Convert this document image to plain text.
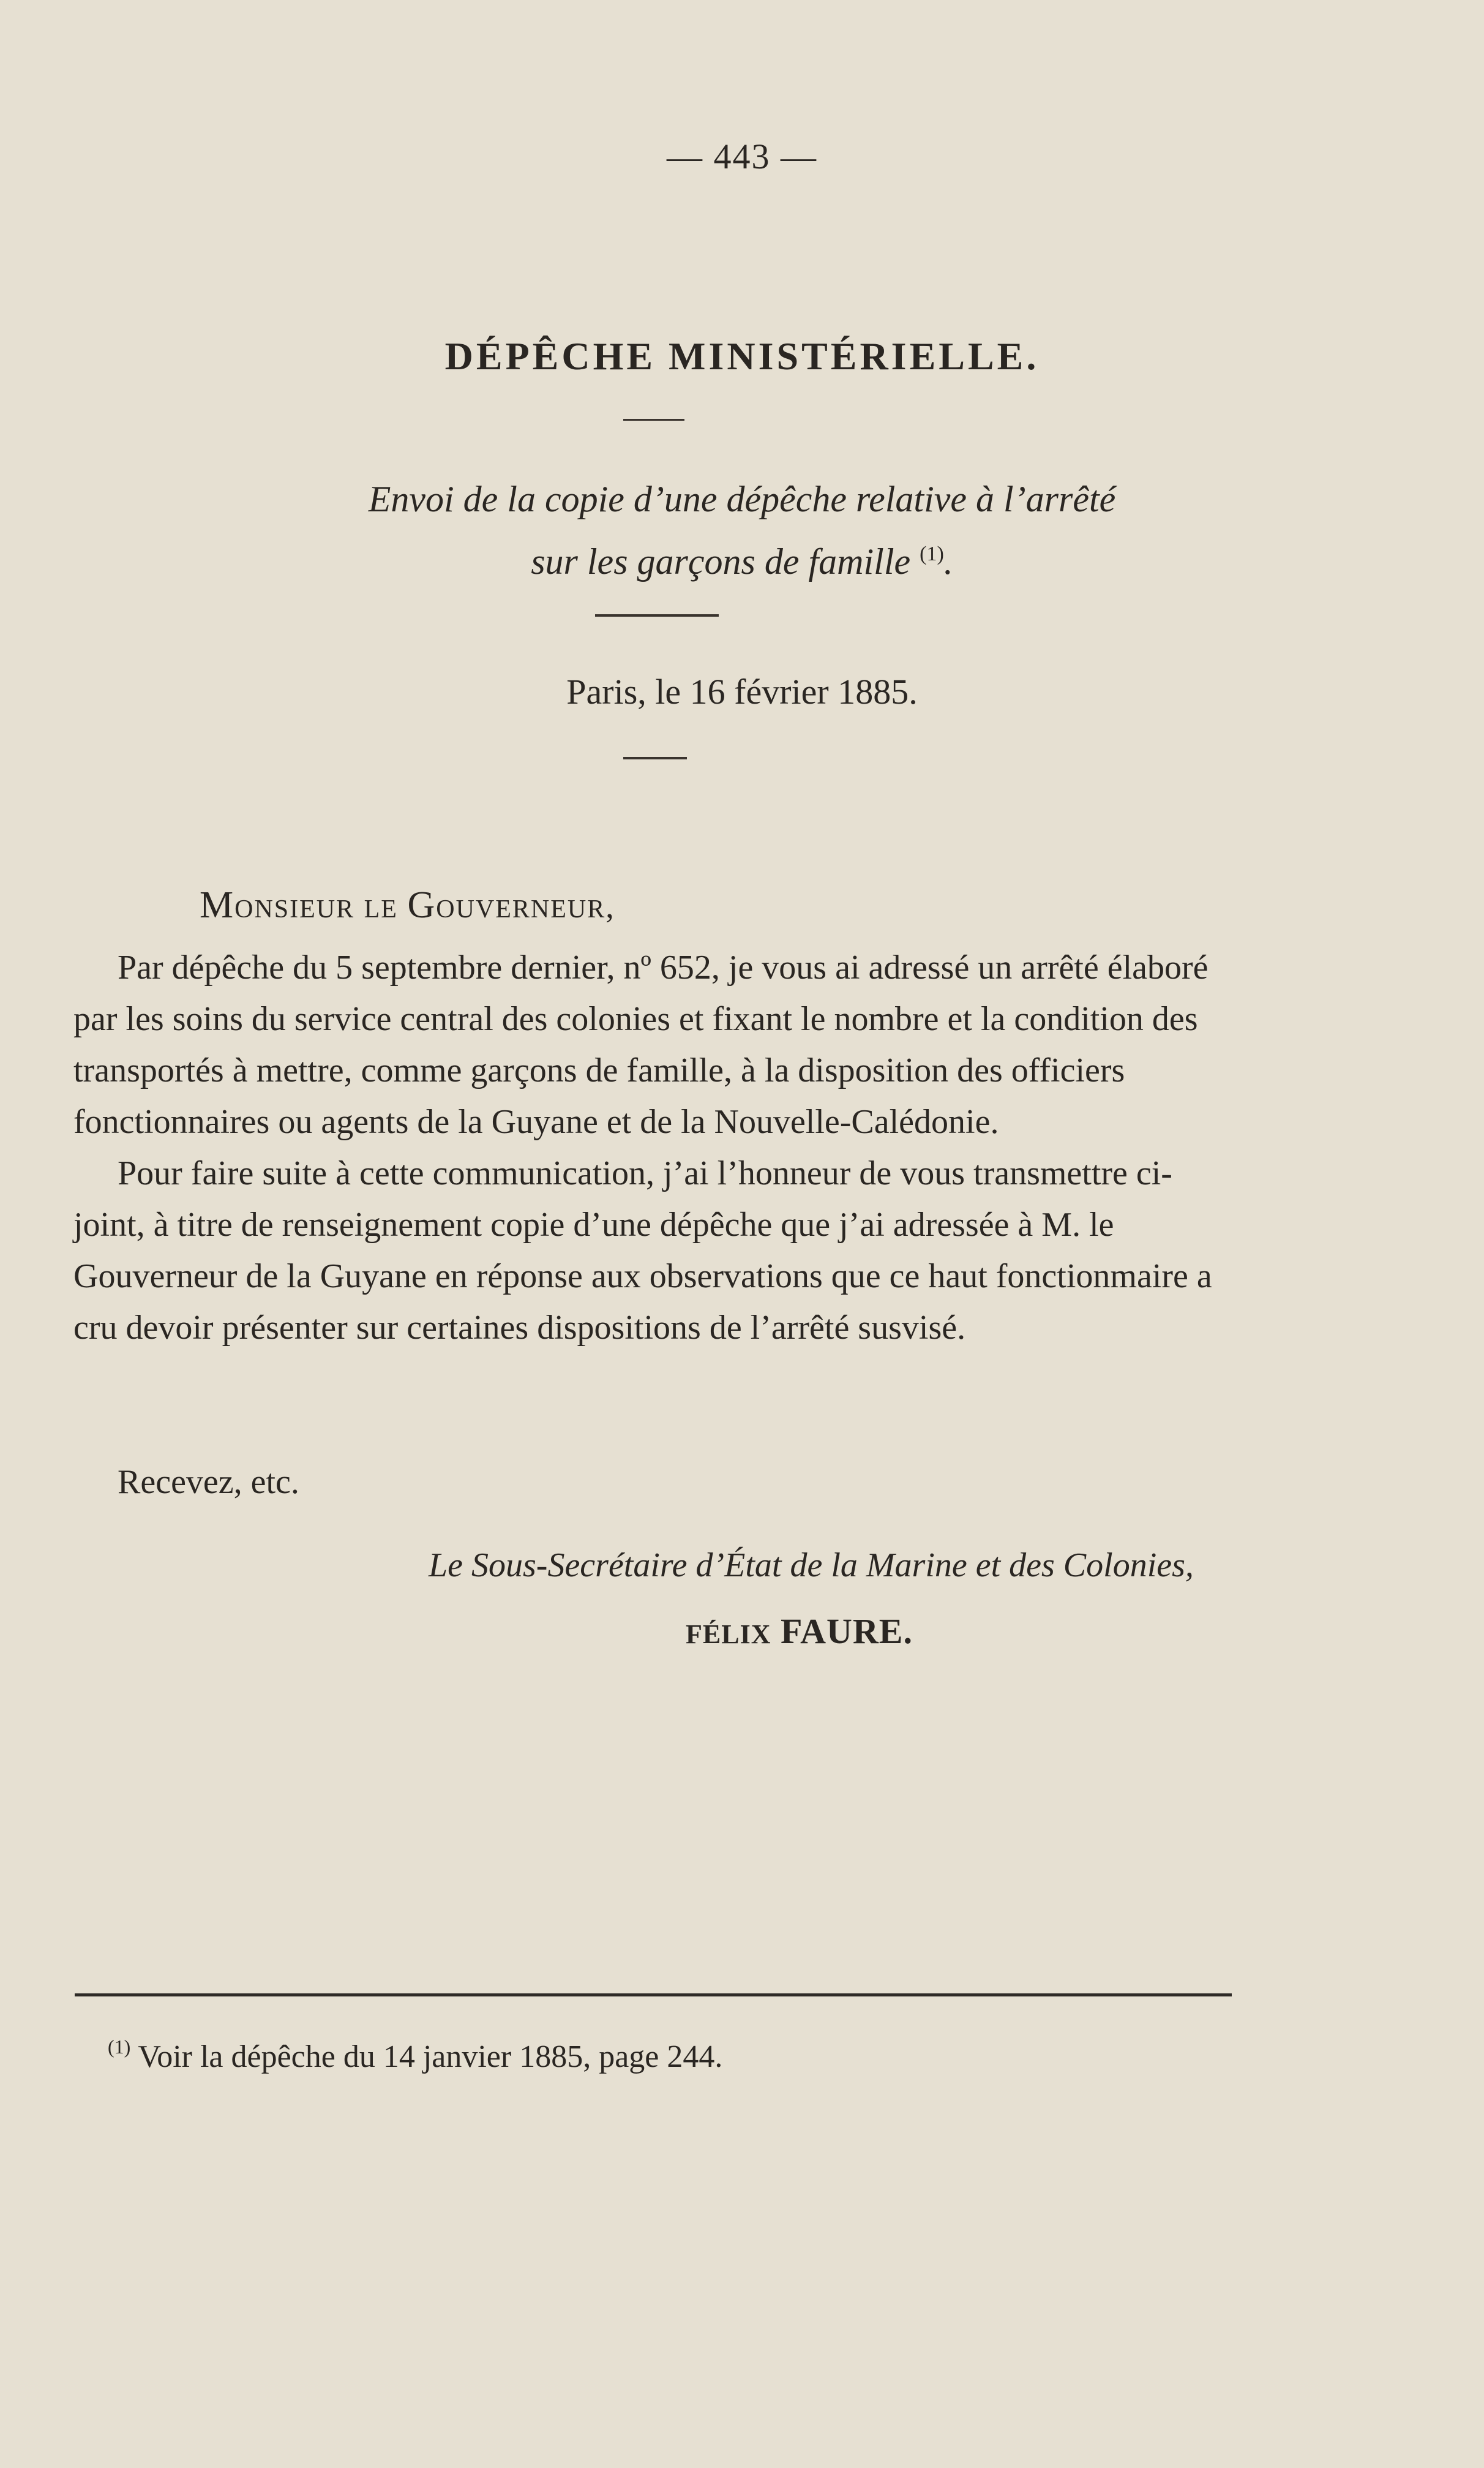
— 443 —
DÉPÊCHE MINISTÉRIELLE.
Envoi de la copie d’une dépêche relative à l’arrêté
sur les garçons de famille $^{(1)}$.
Paris, le 16 février 1885.
MONSIEUR LE GOUVERNEUR,

Par dépêche du 5 septembre dernier, nº 652, je vous ai adressé un arrêté élaboré par les soins du service central des colonies et fixant le nombre et la condition des transportés à mettre, comme garçons de famille, à la disposition des officiers fonctionnaires ou agents de la Guyane et de la Nouvelle-Calédonie.

Pour faire suite à cette communication, j’ai l’honneur de vous transmettre ci-joint, à titre de renseignement copie d’une dépêche que j’ai adressée à M. le Gouverneur de la Guyane en réponse aux observations que ce haut fonctionmaire a cru devoir présenter sur certaines dispositions de l’arrêté susvisé.

Recevez, etc.
Le Sous-Secrétaire d’État de la Marine et des Colonies,
FÉLIX FAURE.
$^{(1)}$ Voir la dépêche du 14 janvier 1885, page 244.
